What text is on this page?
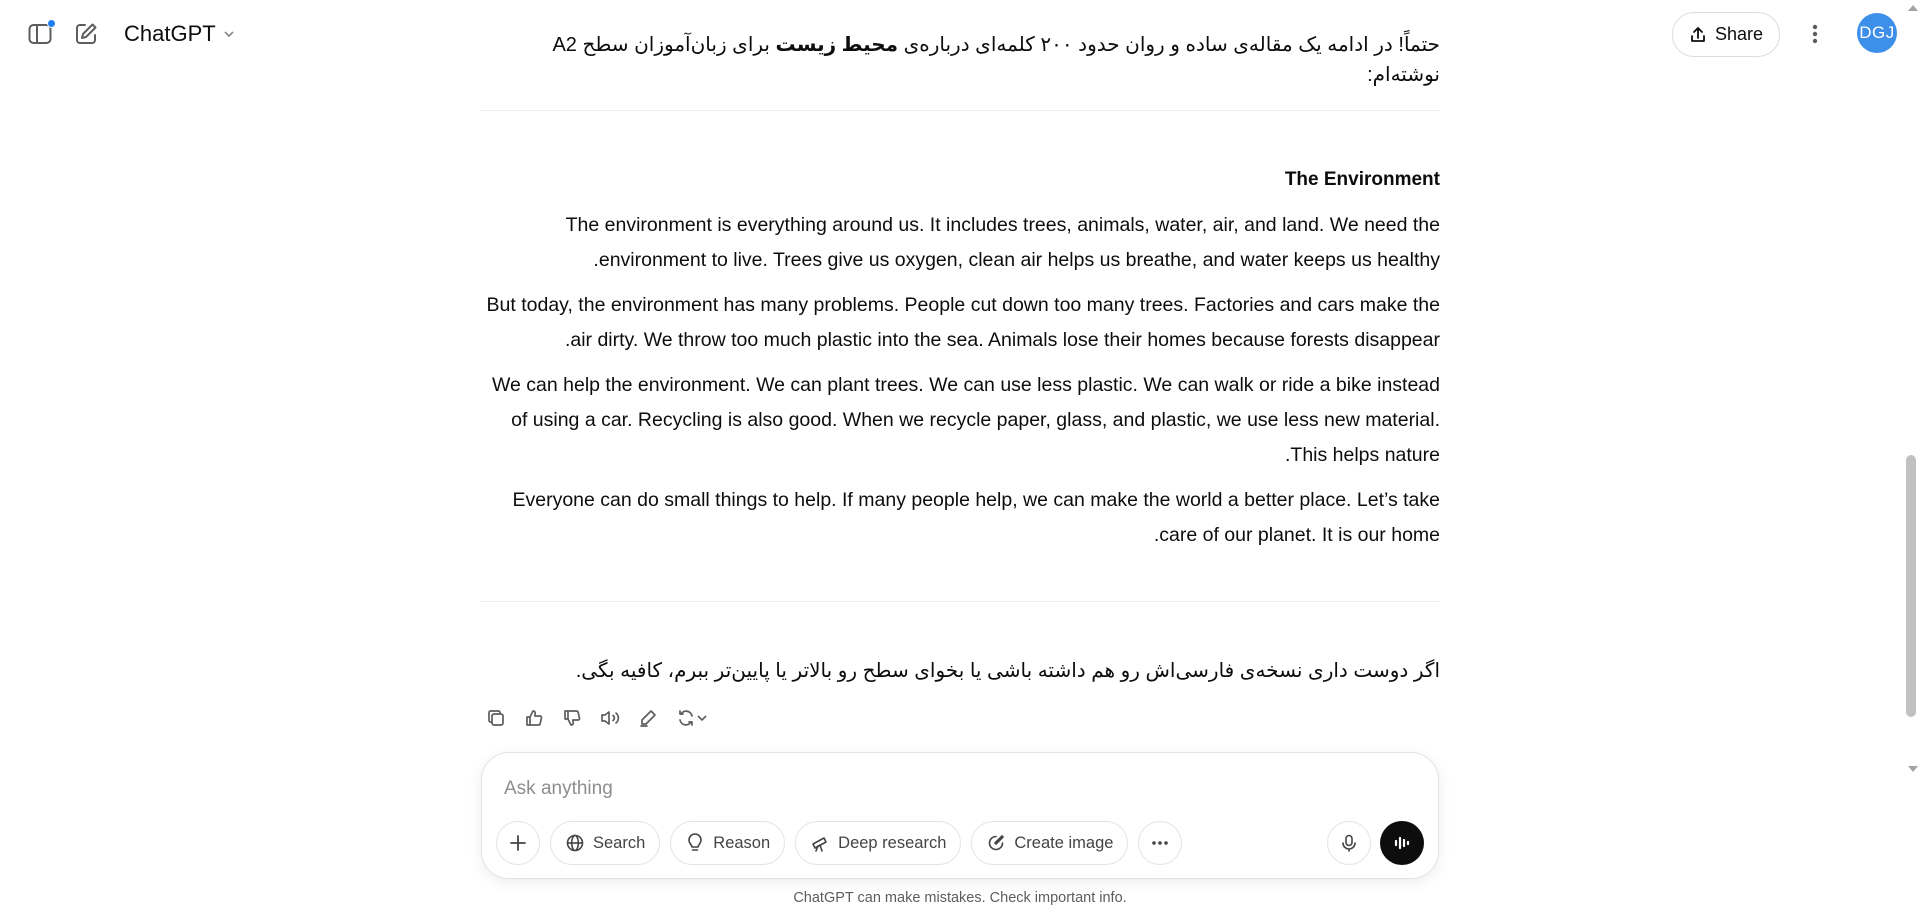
ChatGPT	Share	DGJ
حتماً! در ادامه یک مقاله‌ی ساده و روان حدود ۲۰۰ کلمه‌ای درباره‌ی محیط زیست برای زبان‌آموزان سطح A2 نوشته‌ام:
The Environment
The environment is everything around us. It includes trees, animals, water, air, and land. We need the environment to live. Trees give us oxygen, clean air helps us breathe, and water keeps us healthy.
But today, the environment has many problems. People cut down too many trees. Factories and cars make the air dirty. We throw too much plastic into the sea. Animals lose their homes because forests disappear.
We can help the environment. We can plant trees. We can use less plastic. We can walk or ride a bike instead of using a car. Recycling is also good. When we recycle paper, glass, and plastic, we use less new material. This helps nature.
Everyone can do small things to help. If many people help, we can make the world a better place. Let’s take care of our planet. It is our home.
اگر دوست داری نسخه‌ی فارسی‌اش رو هم داشته باشی یا بخوای سطح رو بالاتر یا پایین‌تر ببرم، کافیه بگی.
Ask anything
Search	Reason	Deep research	Create image
ChatGPT can make mistakes. Check important info.
